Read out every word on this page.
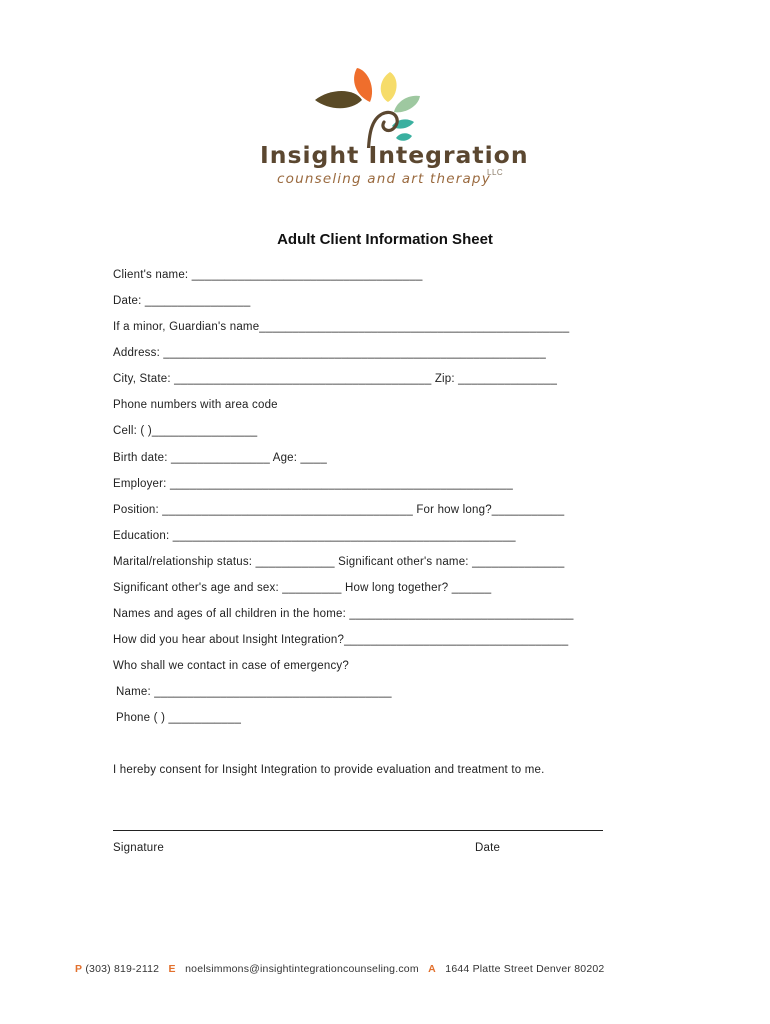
Insight Integration
LLC
counseling and art therapy
Adult Client Information Sheet
Client's name: ___________________________________
Date: ________________
If a minor, Guardian's name_______________________________________________
Address: __________________________________________________________
City, State: _______________________________________ Zip: _______________
Phone numbers with area code
Cell: ( )________________
Birth date: _______________ Age: ____
Employer: ____________________________________________________
Position: ______________________________________ For how long?___________
Education: ____________________________________________________
Marital/relationship status: ____________ Significant other's name: ______________
Significant other's age and sex: _________ How long together? ______
Names and ages of all children in the home: __________________________________
How did you hear about Insight Integration?__________________________________
Who shall we contact in case of emergency?
Name: ____________________________________
Phone ( ) ___________
I hereby consent for Insight Integration to provide evaluation and treatment to me.
Signature	Date
P (303) 819-2112 E noelsimmons@insightintegrationcounseling.com A 1644 Platte Street Denver 80202
